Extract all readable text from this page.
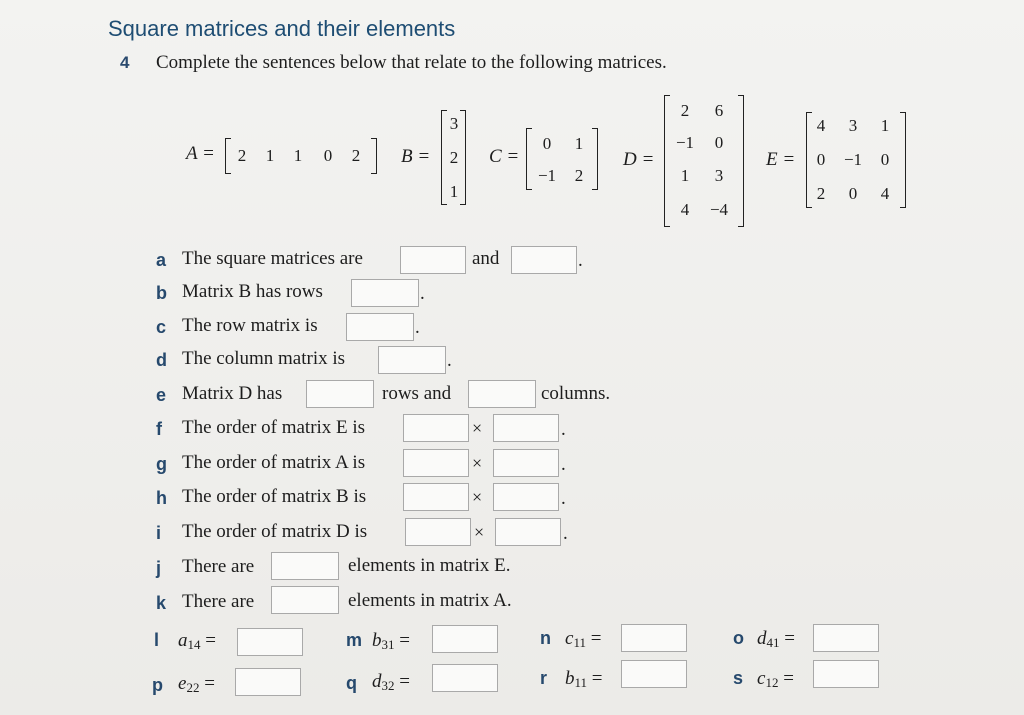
Square matrices and their elements
4 Complete the sentences below that relate to the following matrices.
A =	2	1	1	0	2	B =
3
2
1
C =
0	1
−1	2
D =
2	6
−1	0
1	3
4	−4
E =
4	3	1
0	−1	0
2	0	4
a The square matrices are	and	.
b Matrix B has rows	.
c The row matrix is	.
d The column matrix is	.
e Matrix D has	rows and	columns.
f The order of matrix E is	×	.
g The order of matrix A is	×	.
h The order of matrix B is	×	.
i The order of matrix D is	×	.
j There are	elements in matrix E.
k There are	elements in matrix A.
l $a_{14}$ =	m $b_{31}$ =	n $c_{11}$ =	o $d_{41}$ =
p $e_{22}$ =	q $d_{32}$ =	r $b_{11}$ =	s $c_{12}$ =
